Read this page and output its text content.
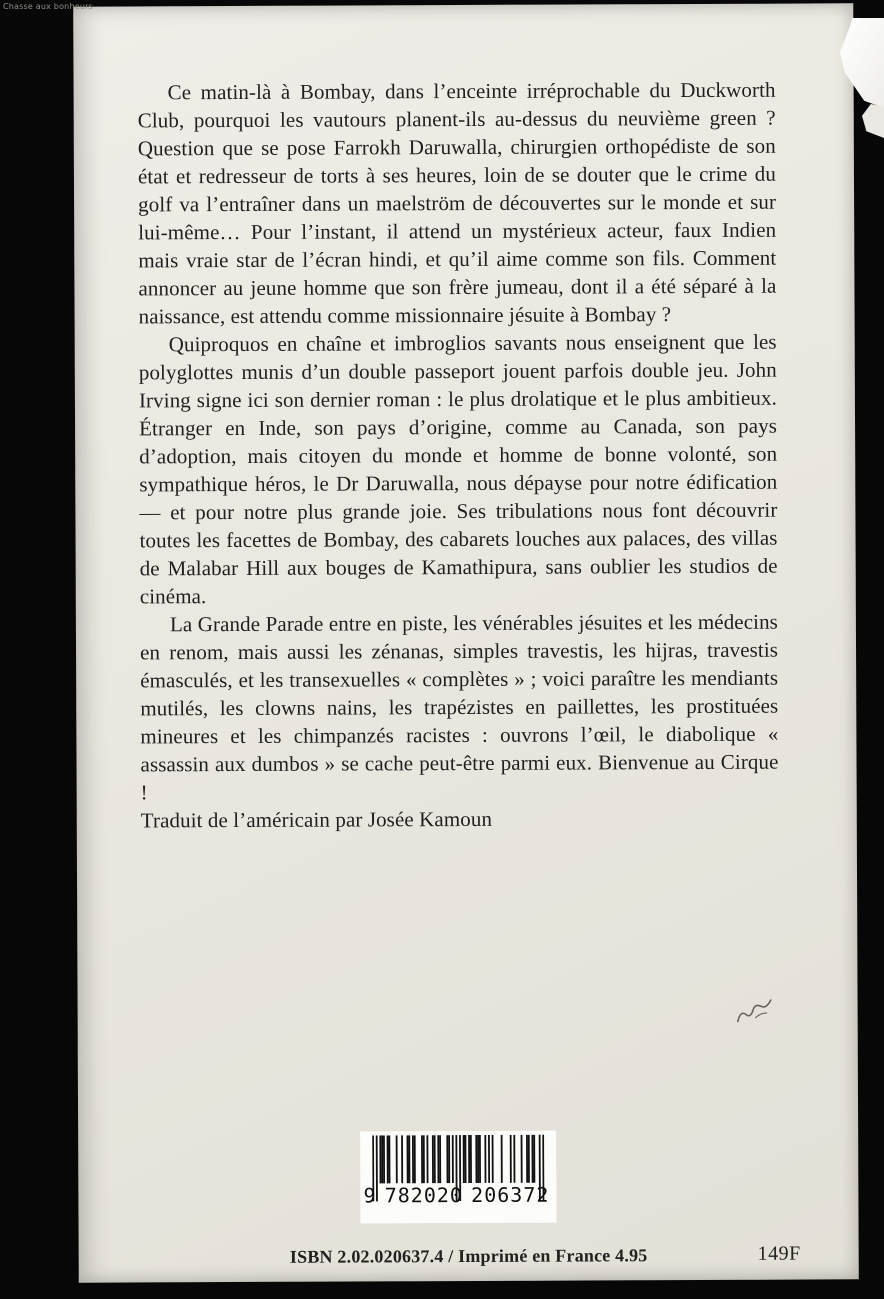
Chasse aux bonheurs

Ce matin-là à Bombay, dans l’enceinte irréprochable du Duckworth Club, pourquoi les vautours planent-ils au-dessus du neuvième green ? Question que se pose Farrokh Daruwalla, chirurgien orthopédiste de son état et redresseur de torts à ses heures, loin de se douter que le crime du golf va l’entraîner dans un maelström de découvertes sur le monde et sur lui-même… Pour l’instant, il attend un mystérieux acteur, faux Indien mais vraie star de l’écran hindi, et qu’il aime comme son fils. Comment annoncer au jeune homme que son frère jumeau, dont il a été séparé à la naissance, est attendu comme missionnaire jésuite à Bombay ?

Quiproquos en chaîne et imbroglios savants nous enseignent que les polyglottes munis d’un double passeport jouent parfois double jeu. John Irving signe ici son dernier roman : le plus drolatique et le plus ambitieux. Étranger en Inde, son pays d’origine, comme au Canada, son pays d’adoption, mais citoyen du monde et homme de bonne volonté, son sympathique héros, le Dr Daruwalla, nous dépayse pour notre édification — et pour notre plus grande joie. Ses tribulations nous font découvrir toutes les facettes de Bombay, des cabarets louches aux palaces, des villas de Malabar Hill aux bouges de Kamathipura, sans oublier les studios de cinéma.

La Grande Parade entre en piste, les vénérables jésuites et les médecins en renom, mais aussi les zénanas, simples travestis, les hijras, travestis émasculés, et les transexuelles « complètes » ; voici paraître les mendiants mutilés, les clowns nains, les trapézistes en paillettes, les prostituées mineures et les chimpanzés racistes : ouvrons l’œil, le diabolique « assassin aux dumbos » se cache peut-être parmi eux. Bienvenue au Cirque !

Traduit de l’américain par Josée Kamoun

9 782020 206372
ISBN 2.02.020637.4 / Imprimé en France 4.95	149F
